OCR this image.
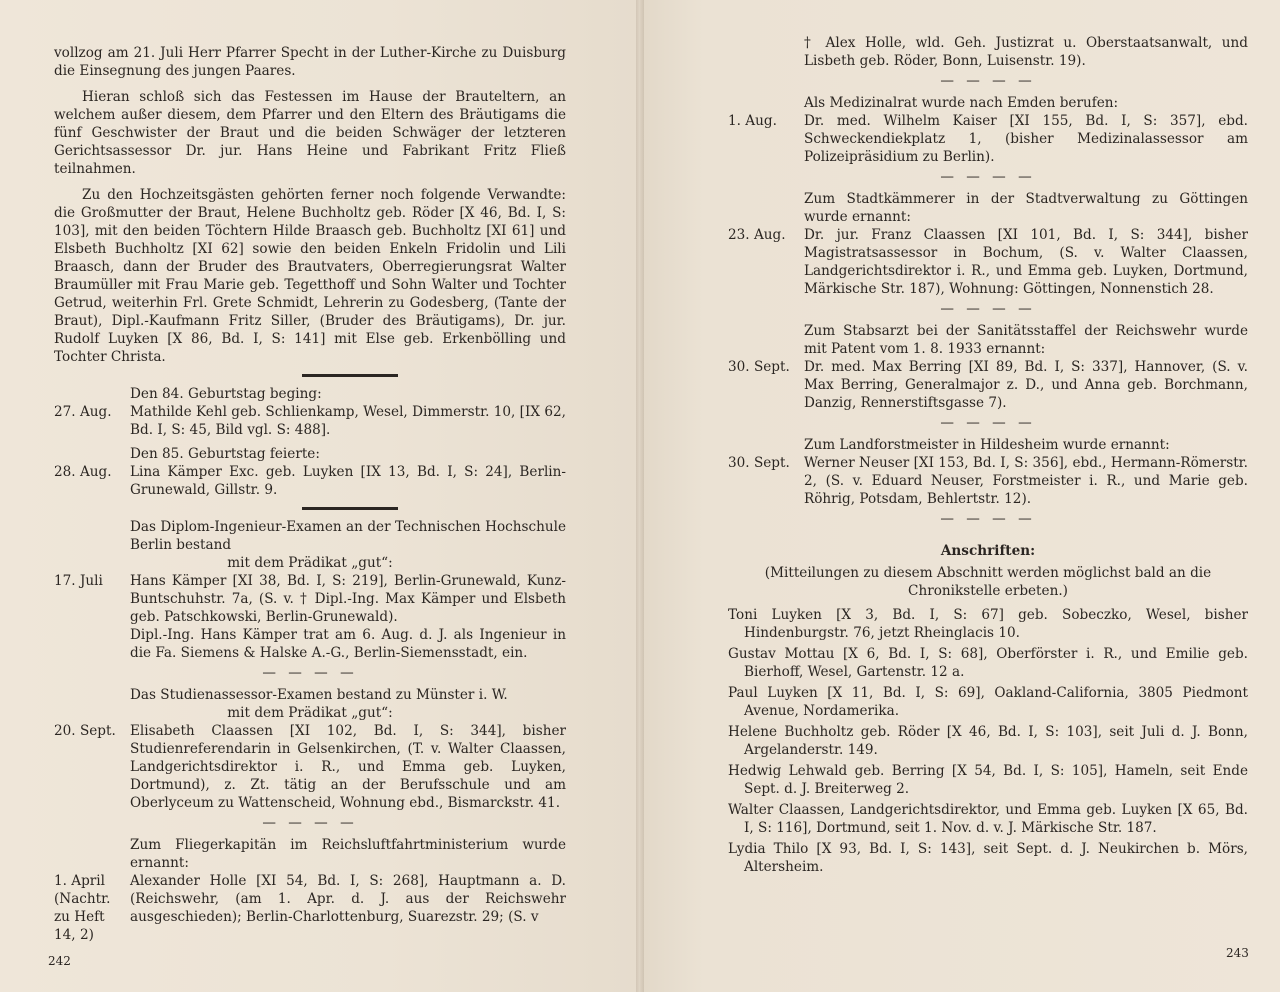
vollzog am 21. Juli Herr Pfarrer Specht in der Luther-Kirche zu Duisburg die Einsegnung des jungen Paares.

Hieran schloß sich das Festessen im Hause der Brauteltern, an welchem außer diesem, dem Pfarrer und den Eltern des Bräutigams die fünf Geschwister der Braut und die beiden Schwäger der letzteren Gerichtsassessor Dr. jur. Hans Heine und Fabrikant Fritz Fließ teilnahmen.

Zu den Hochzeitsgästen gehörten ferner noch folgende Verwandte: die Großmutter der Braut, Helene Buchholtz geb. Röder [X 46, Bd. I, S: 103], mit den beiden Töchtern Hilde Braasch geb. Buchholtz [XI 61] und Elsbeth Buchholtz [XI 62] sowie den beiden Enkeln Fridolin und Lili Braasch, dann der Bruder des Brautvaters, Oberregierungsrat Walter Braumüller mit Frau Marie geb. Tegetthoff und Sohn Walter und Tochter Getrud, weiterhin Frl. Grete Schmidt, Lehrerin zu Godesberg, (Tante der Braut), Dipl.-Kaufmann Fritz Siller, (Bruder des Bräutigams), Dr. jur. Rudolf Luyken [X 86, Bd. I, S: 141] mit Else geb. Erkenbölling und Tochter Christa.

Den 84. Geburtstag beging:

27. Aug.	Mathilde Kehl geb. Schlienkamp, Wesel, Dimmerstr. 10, [IX 62, Bd. I, S: 45, Bild vgl. S: 488].

Den 85. Geburtstag feierte:

28. Aug.	Lina Kämper Exc. geb. Luyken [IX 13, Bd. I, S: 24], Berlin-Grunewald, Gillstr. 9.

Das Diplom-Ingenieur-Examen an der Technischen Hochschule Berlin bestand

mit dem Prädikat „gut“:

17. Juli	Hans Kämper [XI 38, Bd. I, S: 219], Berlin-Grunewald, Kunz-Buntschuhstr. 7a, (S. v. † Dipl.-Ing. Max Kämper und Elsbeth geb. Patschkowski, Berlin-Grunewald).

Dipl.-Ing. Hans Kämper trat am 6. Aug. d. J. als Ingenieur in die Fa. Siemens & Halske A.-G., Berlin-Siemensstadt, ein.

— — — —

Das Studienassessor-Examen bestand zu Münster i. W.

mit dem Prädikat „gut“:

20. Sept.	Elisabeth Claassen [XI 102, Bd. I, S: 344], bisher Studienreferendarin in Gelsenkirchen, (T. v. Walter Claassen, Landgerichtsdirektor i. R., und Emma geb. Luyken, Dortmund), z. Zt. tätig an der Berufsschule und am Oberlyceum zu Wattenscheid, Wohnung ebd., Bismarckstr. 41.

— — — —

Zum Fliegerkapitän im Reichsluftfahrtministerium wurde ernannt:

1. April (Nachtr. zu Heft 14, 2)
Alexander Holle [XI 54, Bd. I, S: 268], Hauptmann a. D. (Reichswehr, (am 1. Apr. d. J. aus der Reichswehr ausgeschieden); Berlin-Charlottenburg, Suarezstr. 29; (S. v
242

† Alex Holle, wld. Geh. Justizrat u. Oberstaatsanwalt, und Lisbeth geb. Röder, Bonn, Luisenstr. 19).

— — — —

Als Medizinalrat wurde nach Emden berufen:

1. Aug.	Dr. med. Wilhelm Kaiser [XI 155, Bd. I, S: 357], ebd. Schweckendiekplatz 1, (bisher Medizinalassessor am Polizeipräsidium zu Berlin).

— — — —

Zum Stadtkämmerer in der Stadtverwaltung zu Göttingen wurde ernannt:

23. Aug.	Dr. jur. Franz Claassen [XI 101, Bd. I, S: 344], bisher Magistratsassessor in Bochum, (S. v. Walter Claassen, Landgerichtsdirektor i. R., und Emma geb. Luyken, Dortmund, Märkische Str. 187), Wohnung: Göttingen, Nonnenstich 28.

— — — —

Zum Stabsarzt bei der Sanitätsstaffel der Reichswehr wurde mit Patent vom 1. 8. 1933 ernannt:

30. Sept.	Dr. med. Max Berring [XI 89, Bd. I, S: 337], Hannover, (S. v. Max Berring, Generalmajor z. D., und Anna geb. Borchmann, Danzig, Rennerstiftsgasse 7).

— — — —

Zum Landforstmeister in Hildesheim wurde ernannt:

30. Sept.	Werner Neuser [XI 153, Bd. I, S: 356], ebd., Hermann-Römerstr. 2, (S. v. Eduard Neuser, Forstmeister i. R., und Marie geb. Röhrig, Potsdam, Behlertstr. 12).

— — — —

Anschriften:

(Mitteilungen zu diesem Abschnitt werden möglichst bald an die Chronikstelle erbeten.)

Toni Luyken [X 3, Bd. I, S: 67] geb. Sobeczko, Wesel, bisher Hindenburgstr. 76, jetzt Rheinglacis 10.

Gustav Mottau [X 6, Bd. I, S: 68], Oberförster i. R., und Emilie geb. Bierhoff, Wesel, Gartenstr. 12 a.

Paul Luyken [X 11, Bd. I, S: 69], Oakland-California, 3805 Piedmont Avenue, Nordamerika.

Helene Buchholtz geb. Röder [X 46, Bd. I, S: 103], seit Juli d. J. Bonn, Argelanderstr. 149.

Hedwig Lehwald geb. Berring [X 54, Bd. I, S: 105], Hameln, seit Ende Sept. d. J. Breiterweg 2.

Walter Claassen, Landgerichtsdirektor, und Emma geb. Luyken [X 65, Bd. I, S: 116], Dortmund, seit 1. Nov. d. v. J. Märkische Str. 187.

Lydia Thilo [X 93, Bd. I, S: 143], seit Sept. d. J. Neukirchen b. Mörs, Altersheim.

243
